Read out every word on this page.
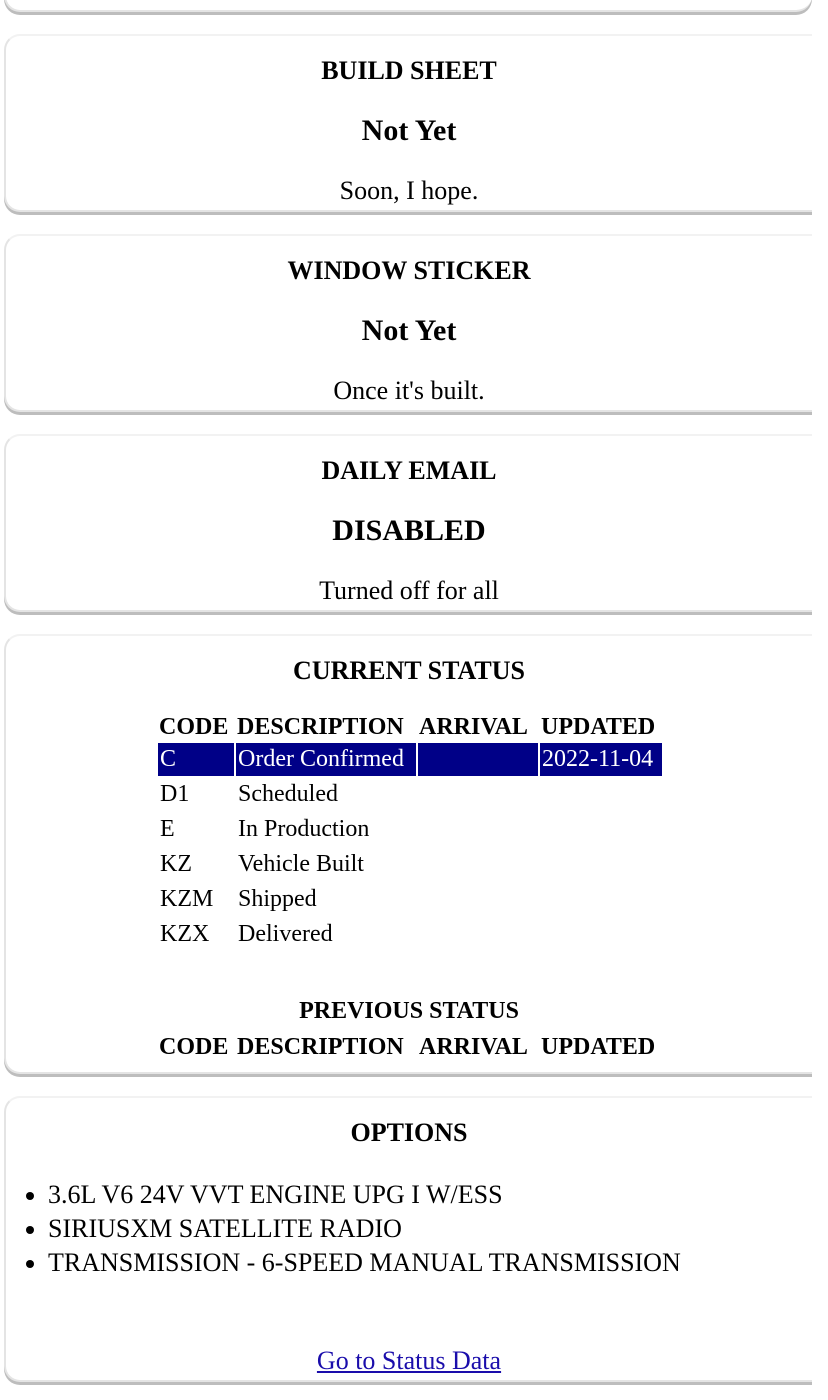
BUILD SHEET
Not Yet
Soon, I hope.
WINDOW STICKER
Not Yet
Once it's built.
DAILY EMAIL
DISABLED
Turned off for all
CURRENT STATUS
CODE	DESCRIPTION	ARRIVAL	UPDATED
C	Order Confirmed		2022-11-04
D1	Scheduled		
E	In Production		
KZ	Vehicle Built		
KZM	Shipped		
KZX	Delivered		
PREVIOUS STATUS
CODE	DESCRIPTION	ARRIVAL	UPDATED
OPTIONS
3.6L V6 24V VVT ENGINE UPG I W/ESS
SIRIUSXM SATELLITE RADIO
TRANSMISSION - 6-SPEED MANUAL TRANSMISSION
Go to Status Data
